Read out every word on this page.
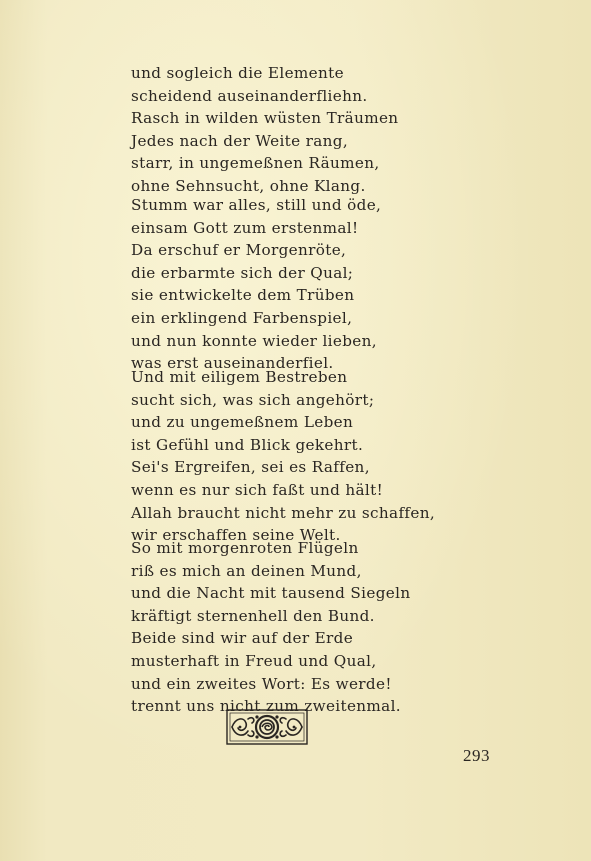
und sogleich die Elemente
scheidend auseinanderfliehn.
Rasch in wilden wüsten Träumen
Jedes nach der Weite rang,
starr, in ungemeßnen Räumen,
ohne Sehnsucht, ohne Klang.
Stumm war alles, still und öde,
einsam Gott zum erstenmal!
Da erschuf er Morgenröte,
die erbarmte sich der Qual;
sie entwickelte dem Trüben
ein erklingend Farbenspiel,
und nun konnte wieder lieben,
was erst auseinanderfiel.
Und mit eiligem Bestreben
sucht sich, was sich angehört;
und zu ungemeßnem Leben
ist Gefühl und Blick gekehrt.
Sei's Ergreifen, sei es Raffen,
wenn es nur sich faßt und hält!
Allah braucht nicht mehr zu schaffen,
wir erschaffen seine Welt.
So mit morgenroten Flügeln
riß es mich an deinen Mund,
und die Nacht mit tausend Siegeln
kräftigt sternenhell den Bund.
Beide sind wir auf der Erde
musterhaft in Freud und Qual,
und ein zweites Wort: Es werde!
trennt uns nicht zum zweitenmal.
293
